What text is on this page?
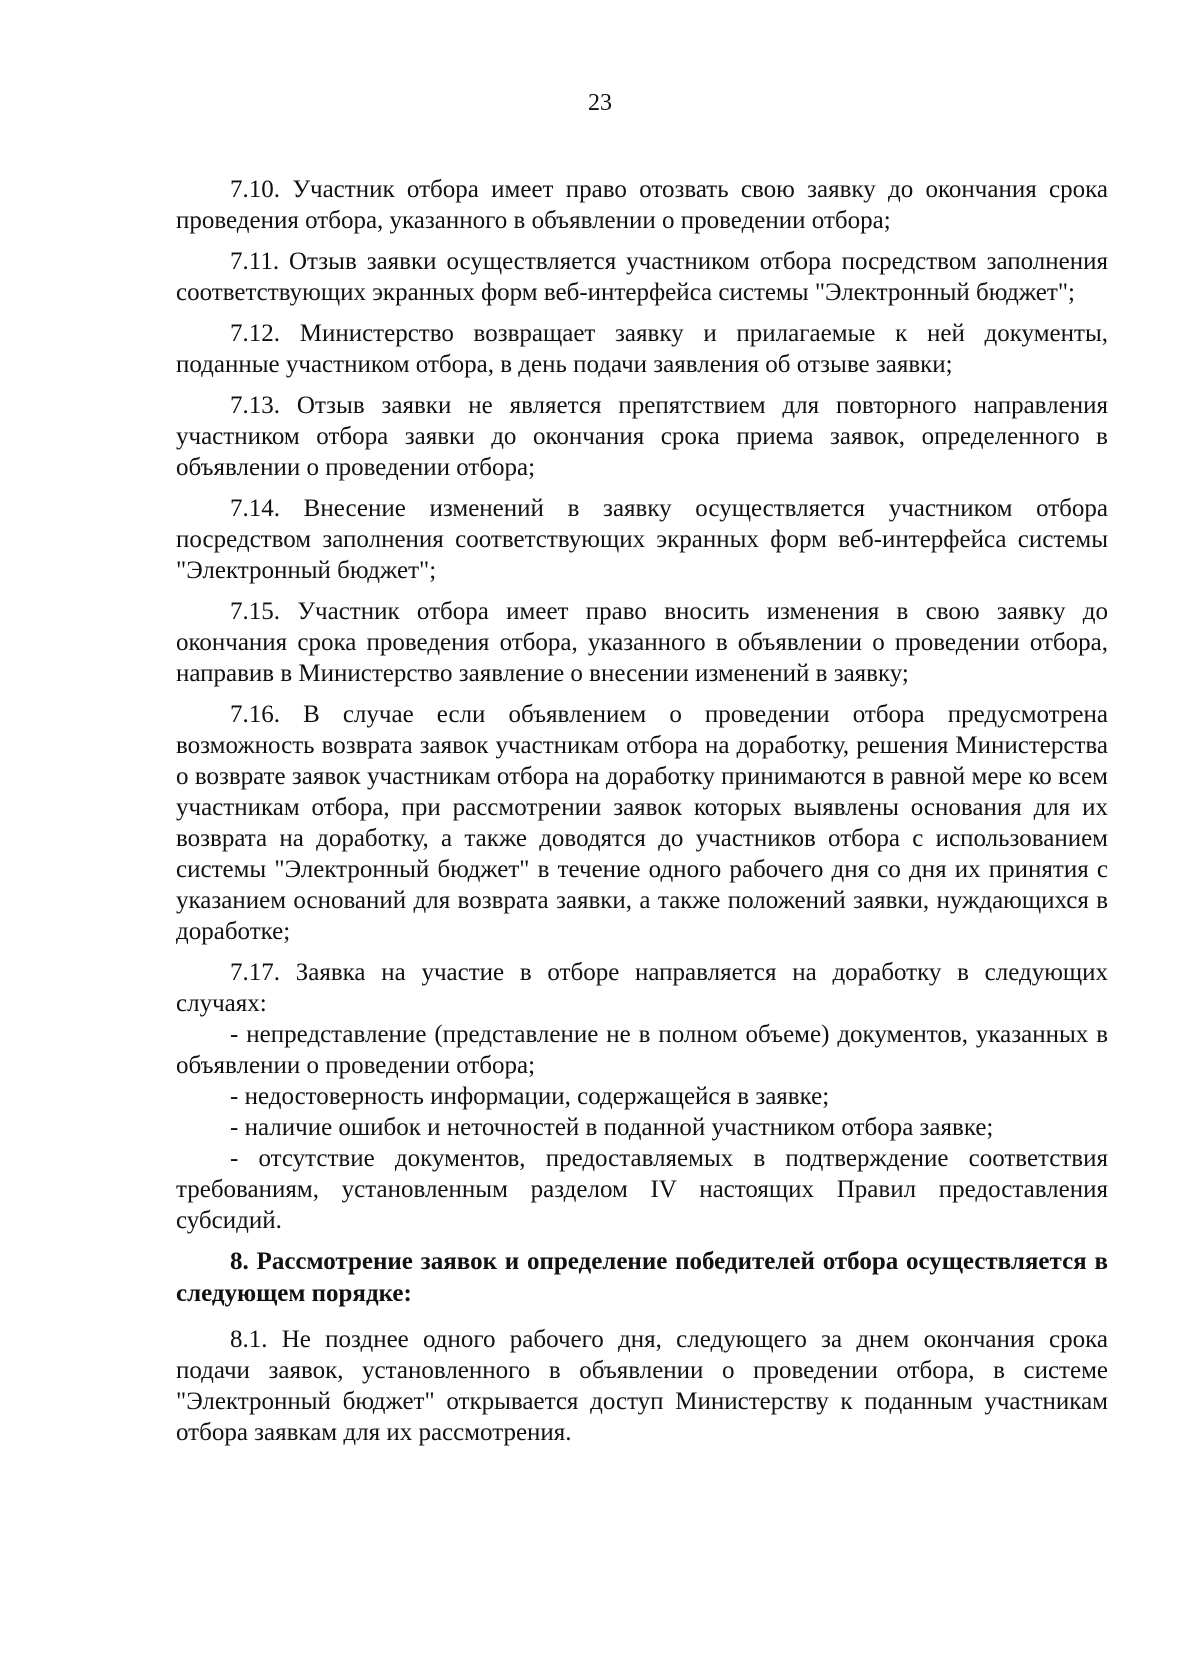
23

7.10. Участник отбора имеет право отозвать свою заявку до окончания срока проведения отбора, указанного в объявлении о проведении отбора;

7.11. Отзыв заявки осуществляется участником отбора посредством заполнения соответствующих экранных форм веб-интерфейса системы "Электронный бюджет";

7.12. Министерство возвращает заявку и прилагаемые к ней документы, поданные участником отбора, в день подачи заявления об отзыве заявки;

7.13. Отзыв заявки не является препятствием для повторного направления участником отбора заявки до окончания срока приема заявок, определенного в объявлении о проведении отбора;

7.14. Внесение изменений в заявку осуществляется участником отбора посредством заполнения соответствующих экранных форм веб-интерфейса системы "Электронный бюджет";

7.15. Участник отбора имеет право вносить изменения в свою заявку до окончания срока проведения отбора, указанного в объявлении о проведении отбора, направив в Министерство заявление о внесении изменений в заявку;

7.16. В случае если объявлением о проведении отбора предусмотрена возможность возврата заявок участникам отбора на доработку, решения Министерства о возврате заявок участникам отбора на доработку принимаются в равной мере ко всем участникам отбора, при рассмотрении заявок которых выявлены основания для их возврата на доработку, а также доводятся до участников отбора с использованием системы "Электронный бюджет" в течение одного рабочего дня со дня их принятия с указанием оснований для возврата заявки, а также положений заявки, нуждающихся в доработке;

7.17. Заявка на участие в отборе направляется на доработку в следующих случаях:

- непредставление (представление не в полном объеме) документов, указанных в объявлении о проведении отбора;

- недостоверность информации, содержащейся в заявке;

- наличие ошибок и неточностей в поданной участником отбора заявке;

- отсутствие документов, предоставляемых в подтверждение соответствия требованиям, установленным разделом IV настоящих Правил предоставления субсидий.

8. Рассмотрение заявок и определение победителей отбора осуществляется в следующем порядке:

8.1. Не позднее одного рабочего дня, следующего за днем окончания срока подачи заявок, установленного в объявлении о проведении отбора, в системе "Электронный бюджет" открывается доступ Министерству к поданным участникам отбора заявкам для их рассмотрения.
